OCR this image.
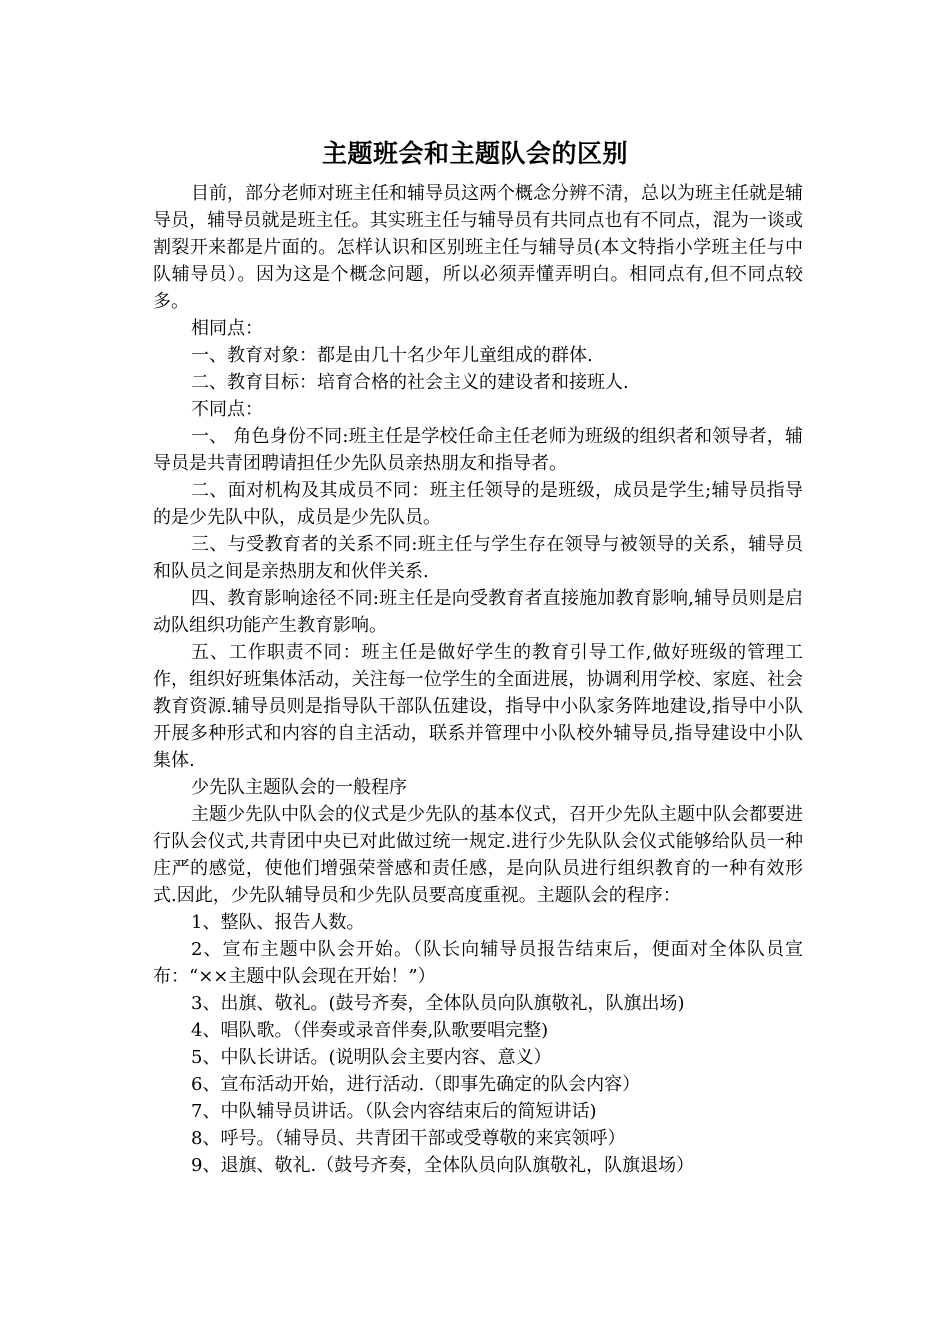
主题班会和主题队会的区别

目前，部分老师对班主任和辅导员这两个概念分辨不清，总以为班主任就是辅导员，辅导员就是班主任。其实班主任与辅导员有共同点也有不同点，混为一谈或割裂开来都是片面的。怎样认识和区别班主任与辅导员(本文特指小学班主任与中队辅导员）。因为这是个概念问题，所以必须弄懂弄明白。相同点有,但不同点较多。

相同点：

一、教育对象：都是由几十名少年儿童组成的群体.

二、教育目标：培育合格的社会主义的建设者和接班人.

不同点：

一、 角色身份不同:班主任是学校任命主任老师为班级的组织者和领导者，辅导员是共青团聘请担任少先队员亲热朋友和指导者。

二、面对机构及其成员不同：班主任领导的是班级，成员是学生;辅导员指导的是少先队中队，成员是少先队员。

三、与受教育者的关系不同:班主任与学生存在领导与被领导的关系，辅导员和队员之间是亲热朋友和伙伴关系.

四、教育影响途径不同:班主任是向受教育者直接施加教育影响,辅导员则是启动队组织功能产生教育影响。

五、工作职责不同：班主任是做好学生的教育引导工作,做好班级的管理工作，组织好班集体活动，关注每一位学生的全面进展，协调利用学校、家庭、社会教育资源.辅导员则是指导队干部队伍建设，指导中小队家务阵地建设,指导中小队开展多种形式和内容的自主活动，联系并管理中小队校外辅导员,指导建设中小队集体.

少先队主题队会的一般程序

主题少先队中队会的仪式是少先队的基本仪式，召开少先队主题中队会都要进行队会仪式,共青团中央已对此做过统一规定.进行少先队队会仪式能够给队员一种庄严的感觉，使他们增强荣誉感和责任感，是向队员进行组织教育的一种有效形式.因此，少先队辅导员和少先队员要高度重视。主题队会的程序：

1、整队、报告人数。

2、宣布主题中队会开始。（队长向辅导员报告结束后，便面对全体队员宣布：“××主题中队会现在开始！”）

3、出旗、敬礼。(鼓号齐奏，全体队员向队旗敬礼，队旗出场)

4、唱队歌。（伴奏或录音伴奏,队歌要唱完整)

5、中队长讲话。(说明队会主要内容、意义）

6、宣布活动开始，进行活动.（即事先确定的队会内容）

7、中队辅导员讲话。（队会内容结束后的简短讲话)

8、呼号。（辅导员、共青团干部或受尊敬的来宾领呼）

9、退旗、敬礼.（鼓号齐奏，全体队员向队旗敬礼，队旗退场）
